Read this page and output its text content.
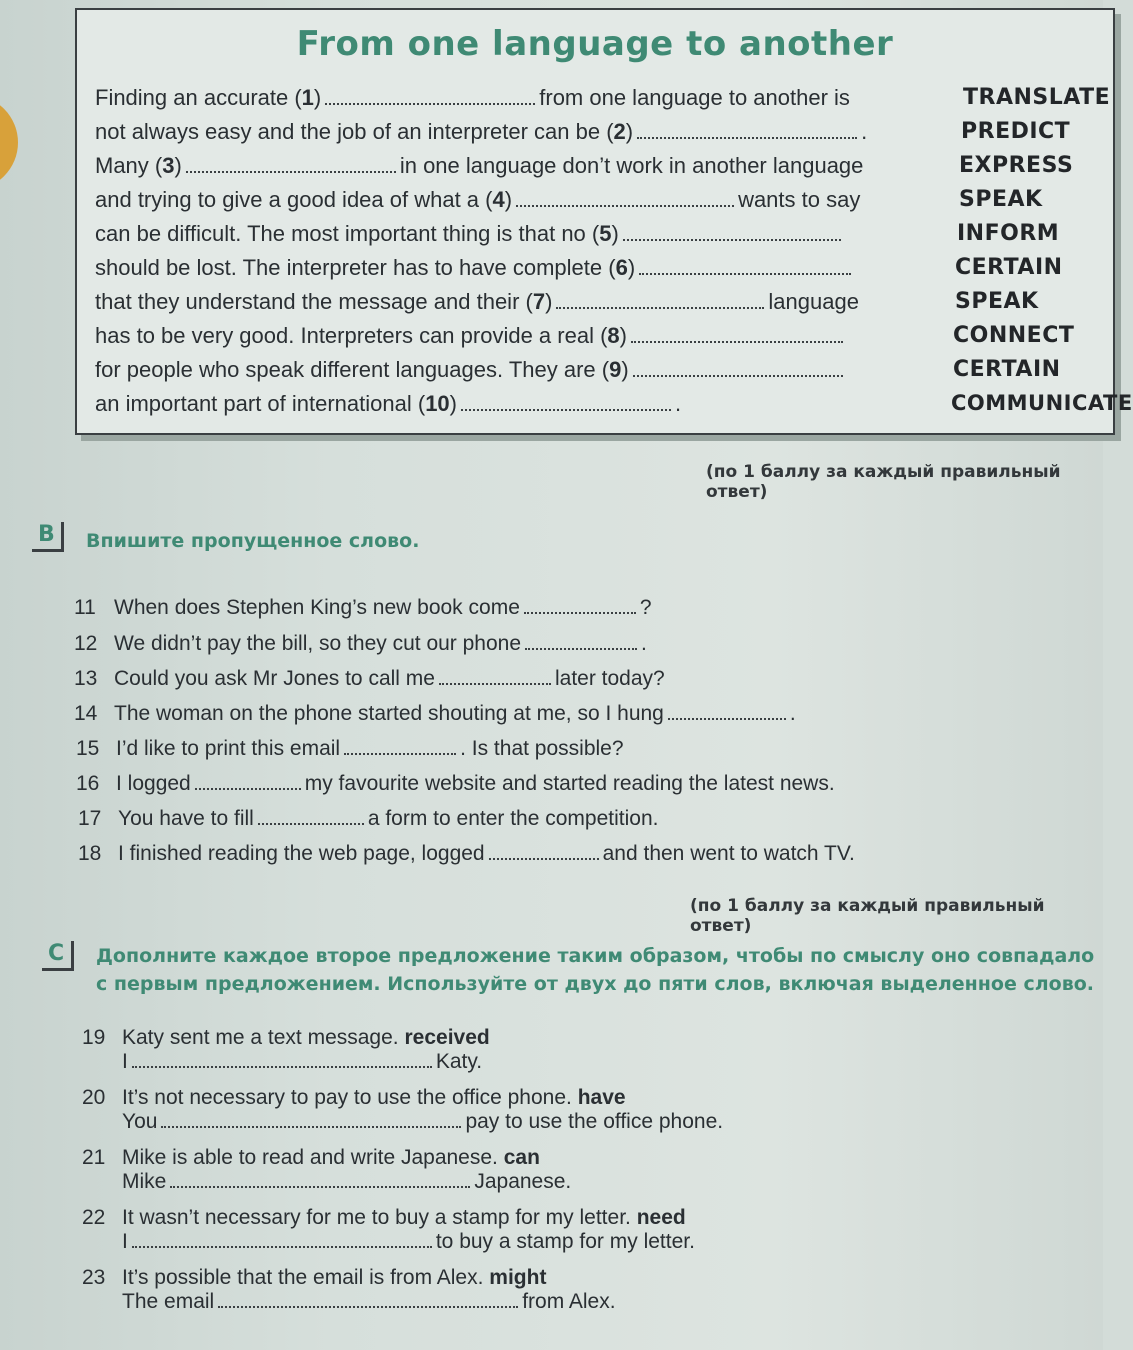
From one language to another
Finding an accurate (1)	from one language to another is	TRANSLATE
not always easy and the job of an interpreter can be (2)	.	PREDICT
Many (3)	in one language don’t work in another language	EXPRESS
and trying to give a good idea of what a (4)	wants to say	SPEAK
can be difficult. The most important thing is that no (5)	INFORM
should be lost. The interpreter has to have complete (6)	CERTAIN
that they understand the message and their (7)	language	SPEAK
has to be very good. Interpreters can provide a real (8)	CONNECT
for people who speak different languages. They are (9)	CERTAIN
an important part of international (10)	.	COMMUNICATE
(по 1 баллу за каждый правильный ответ)
B	Впишите пропущенное слово.
11 When does Stephen King’s new book come	?
12 We didn’t pay the bill, so they cut our phone	.
13 Could you ask Mr Jones to call me	later today?
14 The woman on the phone started shouting at me, so I hung	.
15 I’d like to print this email	. Is that possible?
16 I logged	my favourite website and started reading the latest news.
17 You have to fill	a form to enter the competition.
18 I finished reading the web page, logged	and then went to watch TV.
(по 1 баллу за каждый правильный ответ)
C	Дополните каждое второе предложение таким образом, чтобы по смыслу оно совпадало
с первым предложением. Используйте от двух до пяти слов, включая выделенное слово.
19 Katy sent me a text message. received
I	Katy.
20 It’s not necessary to pay to use the office phone. have
You	pay to use the office phone.
21 Mike is able to read and write Japanese. can
Mike	Japanese.
22 It wasn’t necessary for me to buy a stamp for my letter. need
I	to buy a stamp for my letter.
23 It’s possible that the email is from Alex. might
The email	from Alex.
